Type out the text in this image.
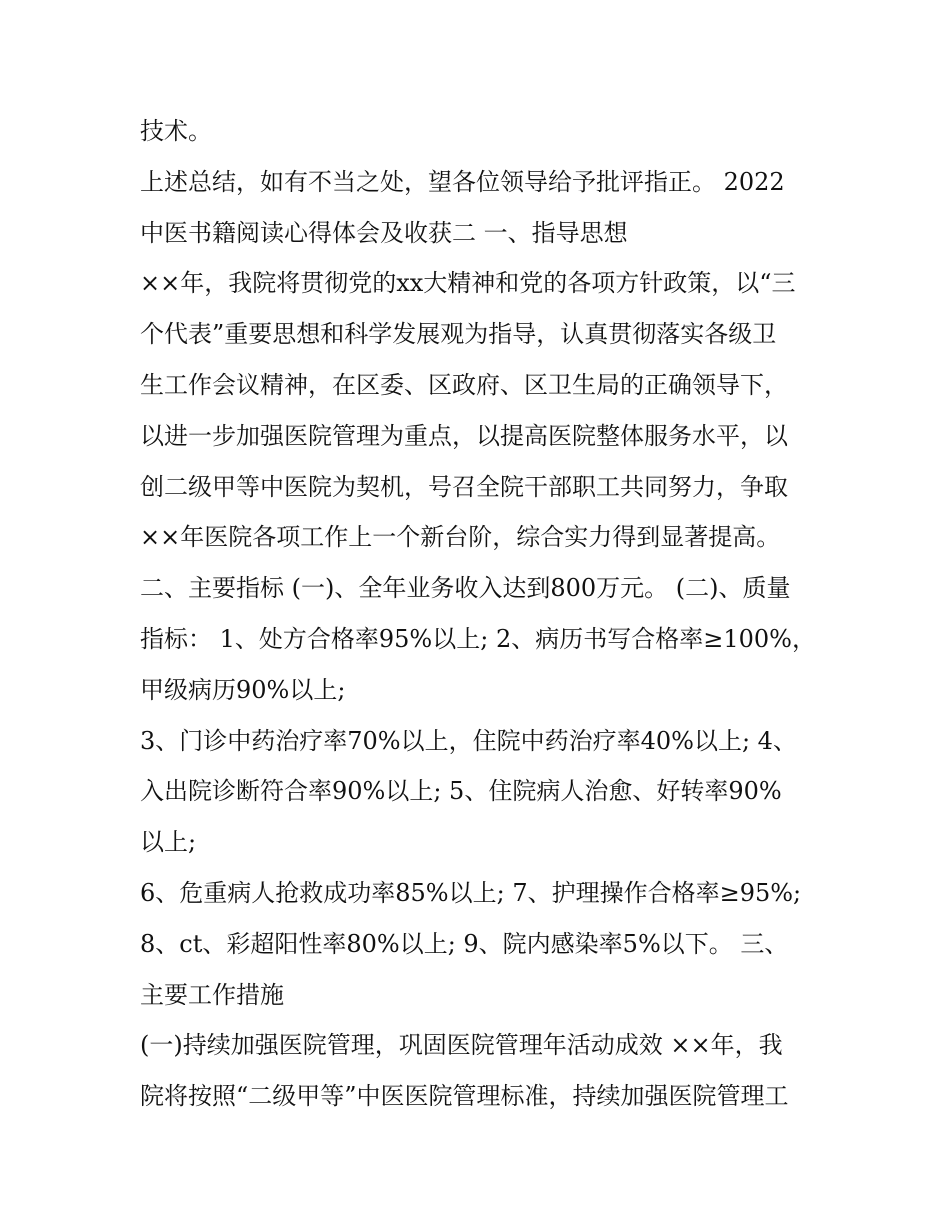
技术。
上述总结，如有不当之处，望各位领导给予批评指正。 2022
中医书籍阅读心得体会及收获二 一、指导思想
××年，我院将贯彻党的xx大精神和党的各项方针政策，以“三
个代表”重要思想和科学发展观为指导，认真贯彻落实各级卫
生工作会议精神，在区委、区政府、区卫生局的正确领导下，
以进一步加强医院管理为重点，以提高医院整体服务水平，以
创二级甲等中医院为契机，号召全院干部职工共同努力，争取
××年医院各项工作上一个新台阶，综合实力得到显著提高。
二、主要指标 (一)、全年业务收入达到800万元。 (二)、质量
指标： 1、处方合格率95%以上; 2、病历书写合格率≥100%，
甲级病历90%以上;
3、门诊中药治疗率70%以上，住院中药治疗率40%以上; 4、
入出院诊断符合率90%以上; 5、住院病人治愈、好转率90%
以上;
6、危重病人抢救成功率85%以上; 7、护理操作合格率≥95%;
8、ct、彩超阳性率80%以上; 9、院内感染率5%以下。 三、
主要工作措施
(一)持续加强医院管理，巩固医院管理年活动成效 ××年，我
院将按照“二级甲等”中医医院管理标准，持续加强医院管理工
